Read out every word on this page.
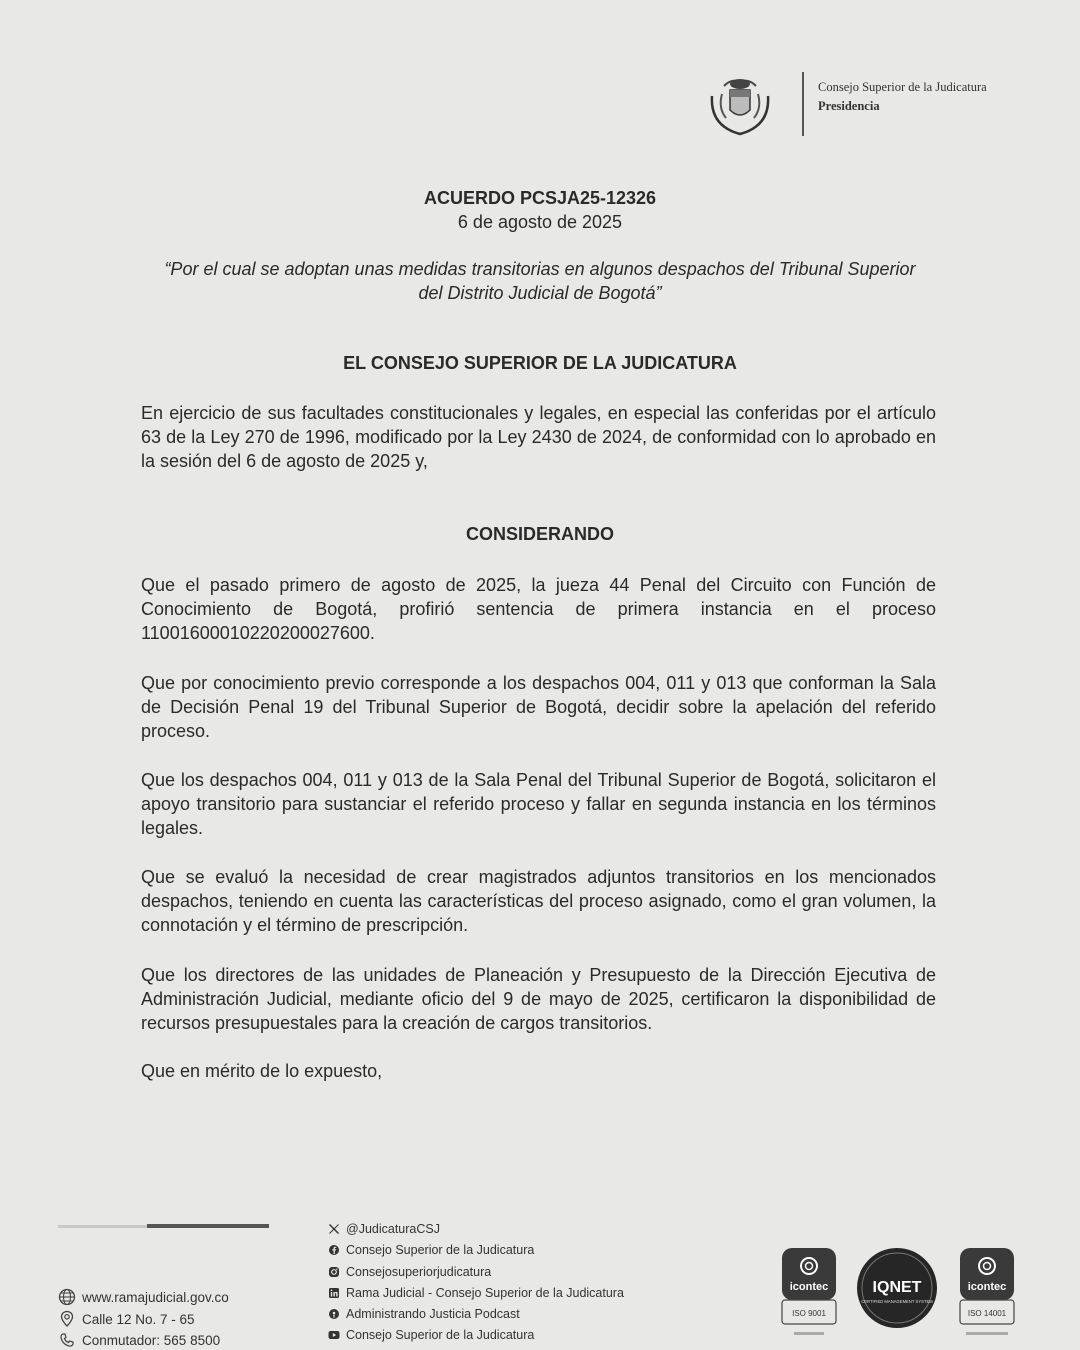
Consejo Superior de la Judicatura
Presidencia
ACUERDO PCSJA25-12326
6 de agosto de 2025
“Por el cual se adoptan unas medidas transitorias en algunos despachos del Tribunal Superior del Distrito Judicial de Bogotá”
EL CONSEJO SUPERIOR DE LA JUDICATURA

En ejercicio de sus facultades constitucionales y legales, en especial las conferidas por el artículo 63 de la Ley 270 de 1996, modificado por la Ley 2430 de 2024, de conformidad con lo aprobado en la sesión del 6 de agosto de 2025 y,

CONSIDERANDO

Que el pasado primero de agosto de 2025, la jueza 44 Penal del Circuito con Función de Conocimiento de Bogotá, profirió sentencia de primera instancia en el proceso 11001600010220200027600.

Que por conocimiento previo corresponde a los despachos 004, 011 y 013 que conforman la Sala de Decisión Penal 19 del Tribunal Superior de Bogotá, decidir sobre la apelación del referido proceso.

Que los despachos 004, 011 y 013 de la Sala Penal del Tribunal Superior de Bogotá, solicitaron el apoyo transitorio para sustanciar el referido proceso y fallar en segunda instancia en los términos legales.

Que se evaluó la necesidad de crear magistrados adjuntos transitorios en los mencionados despachos, teniendo en cuenta las características del proceso asignado, como el gran volumen, la connotación y el término de prescripción.

Que los directores de las unidades de Planeación y Presupuesto de la Dirección Ejecutiva de Administración Judicial, mediante oficio del 9 de mayo de 2025, certificaron la disponibilidad de recursos presupuestales para la creación de cargos transitorios.

Que en mérito de lo expuesto,

www.ramajudicial.gov.co
Calle 12 No. 7 - 65
Conmutador: 565 8500
@JudicaturaCSJ
Consejo Superior de la Judicatura
Consejosuperiorjudicatura
Rama Judicial - Consejo Superior de la Judicatura
Administrando Justicia Podcast
Consejo Superior de la Judicatura
icontec
ISO 9001
IQNET
CERTIFIED MANAGEMENT SYSTEM
icontec
ISO 14001
